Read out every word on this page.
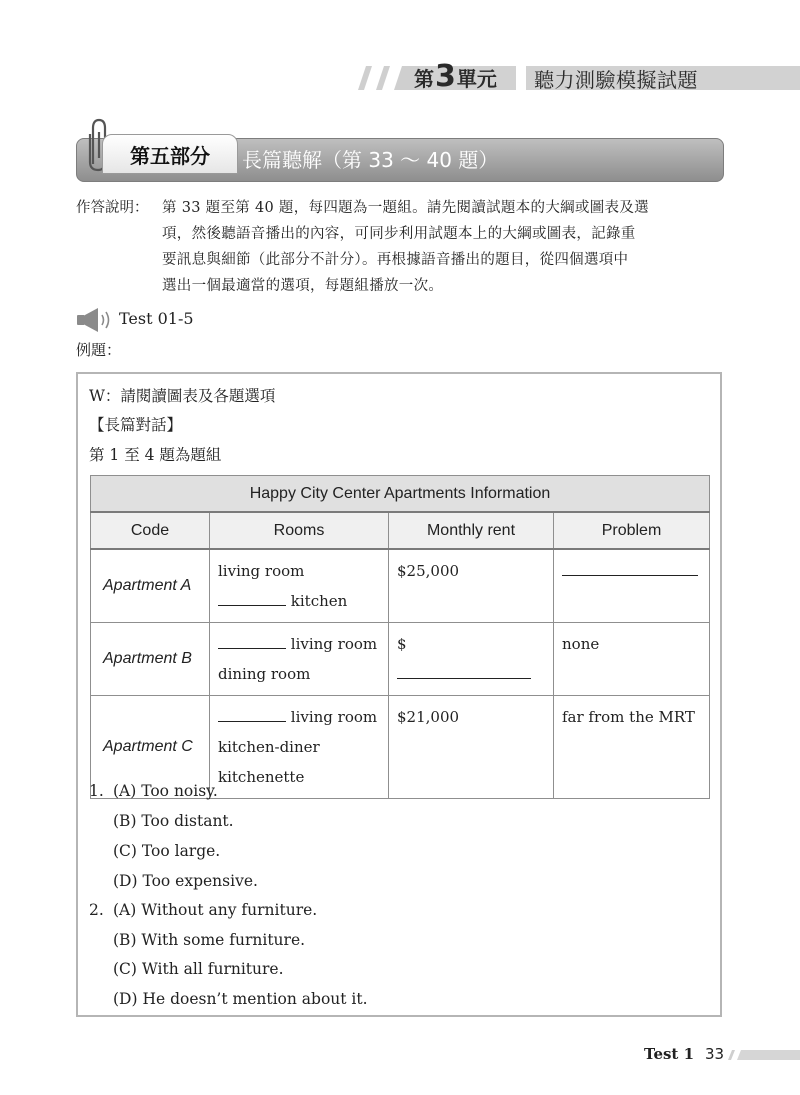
第 3 單元 聽力測驗模擬試題
第五部分	長篇聽解（第 33 ～ 40 題）
作答說明： 第 33 題至第 40 題，每四題為一題組。請先閱讀試題本的大綱或圖表及選
項，然後聽語音播出的內容，可同步利用試題本上的大綱或圖表，記錄重
要訊息與細節（此部分不計分）。再根據語音播出的題目，從四個選項中
選出一個最適當的選項，每題組播放一次。
Test 01-5
例題：
W：請閱讀圖表及各題選項
【長篇對話】
第 1 至 4 題為題組
Happy City Center Apartments Information			
Code	Rooms	Monthly rent	Problem
Apartment A	living room
kitchen	$25,000	
Apartment B	living room
dining room	$	none
Apartment C	living room
kitchen-diner
kitchenette	$21,000	far from the MRT
1. (A) Too noisy.
(B) Too distant.
(C) Too large.
(D) Too expensive.
2. (A) Without any furniture.
(B) With some furniture.
(C) With all furniture.
(D) He doesn’t mention about it.
Test 1 33
